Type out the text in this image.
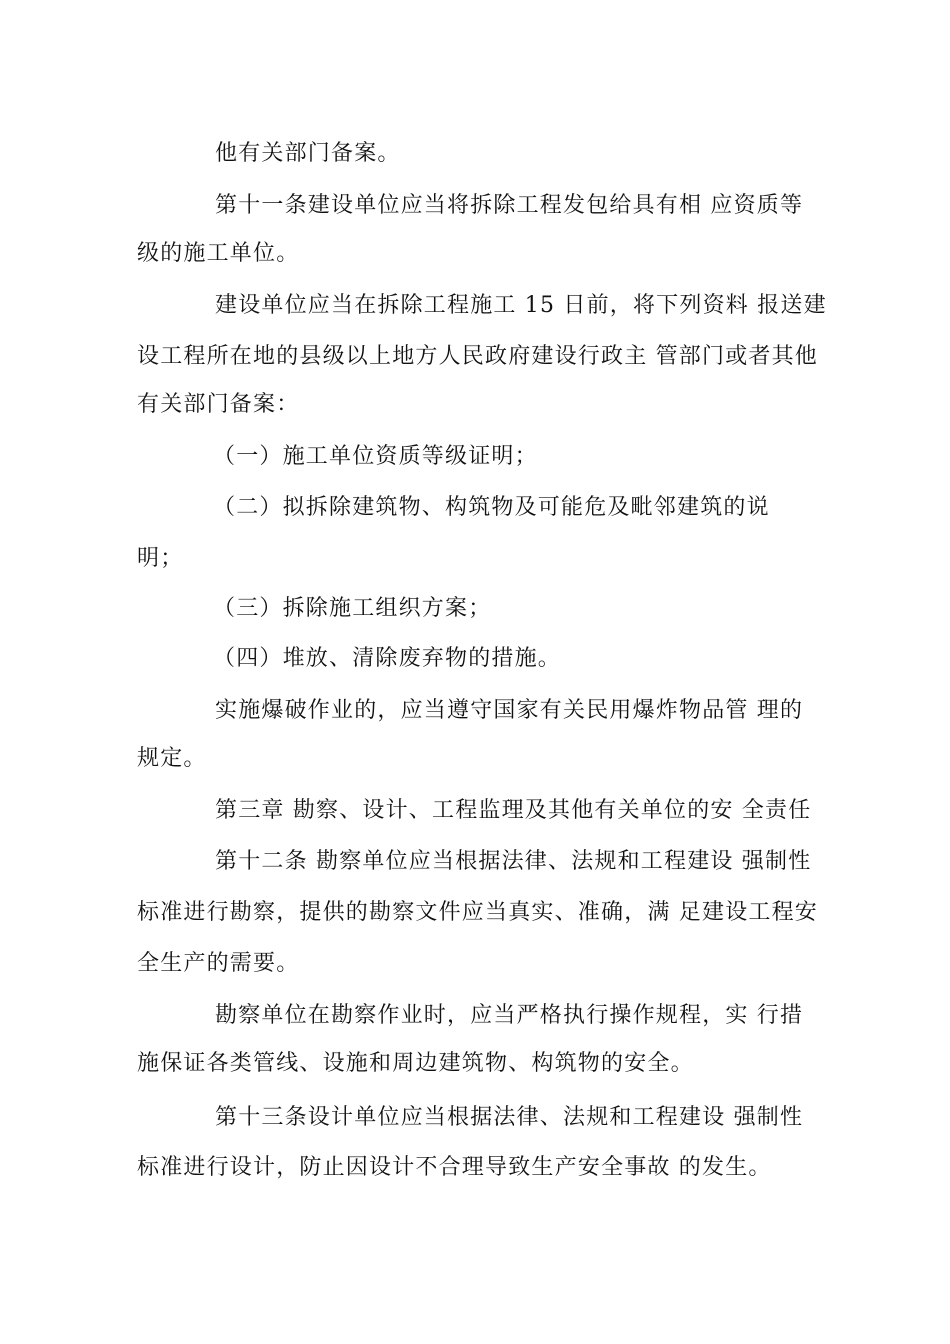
他有关部门备案。
第十一条建设单位应当将拆除工程发包给具有相 应资质等
级的施工单位。
建设单位应当在拆除工程施工 15 日前，将下列资料 报送建
设工程所在地的县级以上地方人民政府建设行政主 管部门或者其他
有关部门备案：
（一）施工单位资质等级证明；
（二）拟拆除建筑物、构筑物及可能危及毗邻建筑的说
明；
（三）拆除施工组织方案；
（四）堆放、清除废弃物的措施。
实施爆破作业的，应当遵守国家有关民用爆炸物品管 理的
规定。
第三章 勘察、设计、工程监理及其他有关单位的安 全责任
第十二条 勘察单位应当根据法律、法规和工程建设 强制性
标准进行勘察，提供的勘察文件应当真实、准确，满 足建设工程安
全生产的需要。
勘察单位在勘察作业时，应当严格执行操作规程，实 行措
施保证各类管线、设施和周边建筑物、构筑物的安全。
第十三条设计单位应当根据法律、法规和工程建设 强制性
标准进行设计，防止因设计不合理导致生产安全事故 的发生。
